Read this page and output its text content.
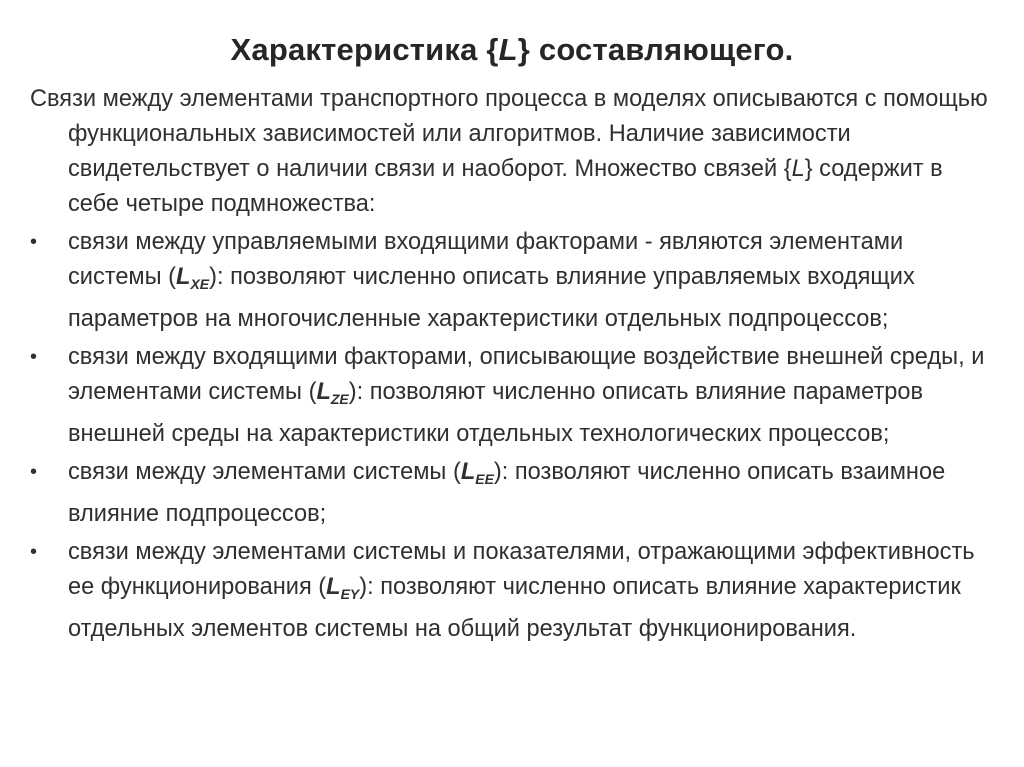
Характеристика {L} составляющего.

Связи между элементами транспортного процесса в моделях описываются с помощью функциональных зависимостей или алгоритмов. Наличие зависимости свидетельствует о наличии связи и наоборот. Множество связей {L} содержит в себе четыре подмножества:

•	связи между управляемыми входящими факторами - являются элементами системы $(L_{XE})$: позволяют численно описать влияние управляемых входящих параметров на многочисленные характеристики отдельных подпроцессов;
•	связи между входящими факторами, описывающие воздействие внешней среды, и элементами системы $(L_{ZE})$: позволяют численно описать влияние параметров внешней среды на характеристики отдельных технологических процессов;
•	связи между элементами системы $(L_{EE})$: позволяют численно описать взаимное влияние подпроцессов;
•	связи между элементами системы и показателями, отражающими эффективность ее функционирования $(L_{EY})$: позволяют численно описать влияние характеристик отдельных элементов системы на общий результат функционирования.
